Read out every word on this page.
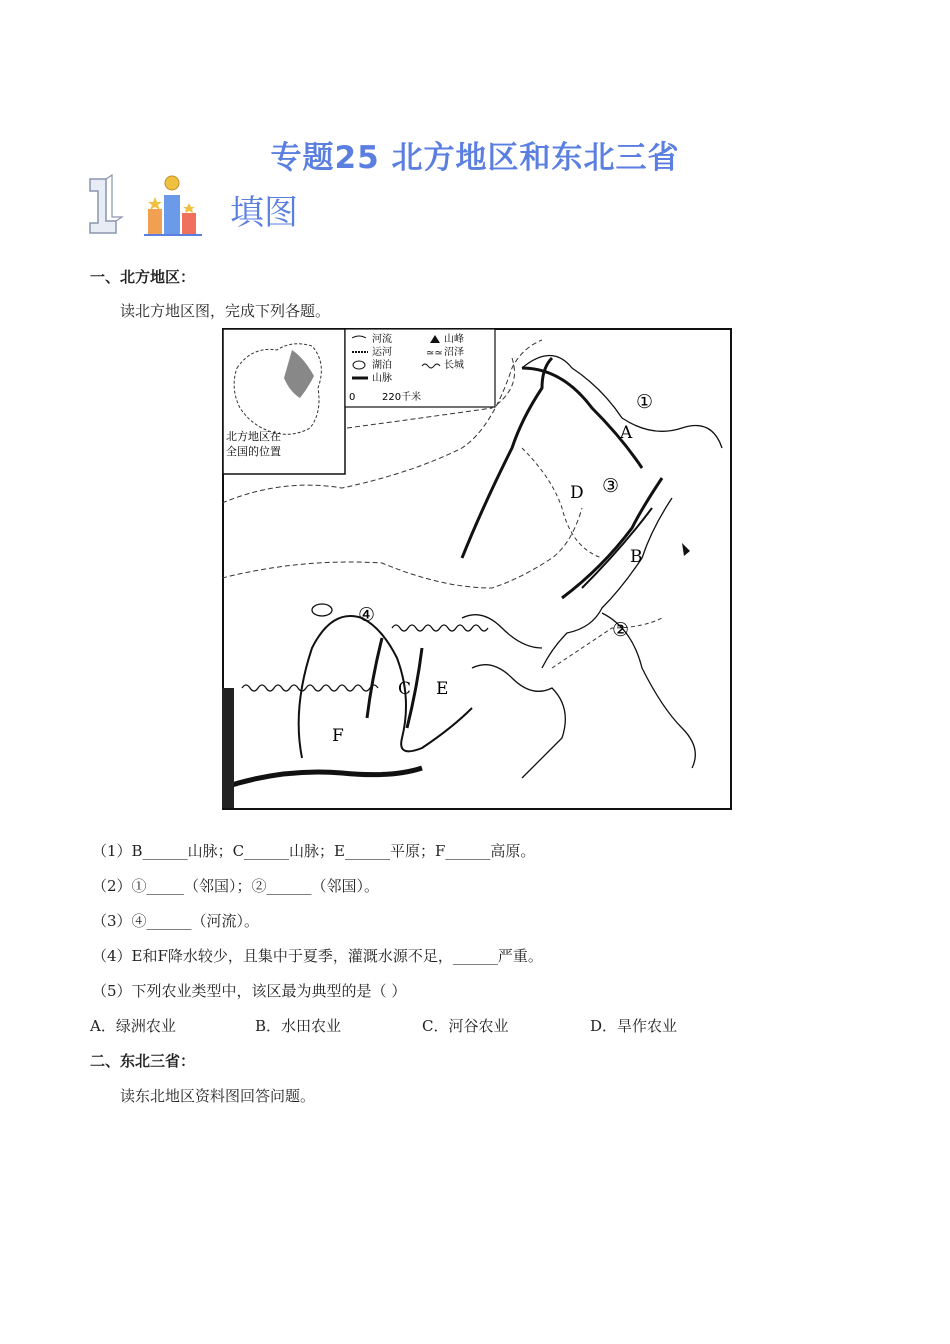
专题25 北方地区和东北三省
填图
一、北方地区：
读北方地区图，完成下列各题。
北方地区在
全国的位置
河流
运河
湖泊
山脉
山峰
≃≃ 沼泽
长城
0	220千米
A
B
C
D
E
F
①
②
③
④
（1）B______山脉；C______山脉；E______平原；F______高原。
（2）①_____（邻国）；②______（邻国）。
（3）④______（河流）。
（4）E和F降水较少，且集中于夏季，灌溉水源不足，______严重。
（5）下列农业类型中，该区最为典型的是（ ）
A．绿洲农业	B．水田农业	C．河谷农业	D．旱作农业
二、东北三省：
读东北地区资料图回答问题。
